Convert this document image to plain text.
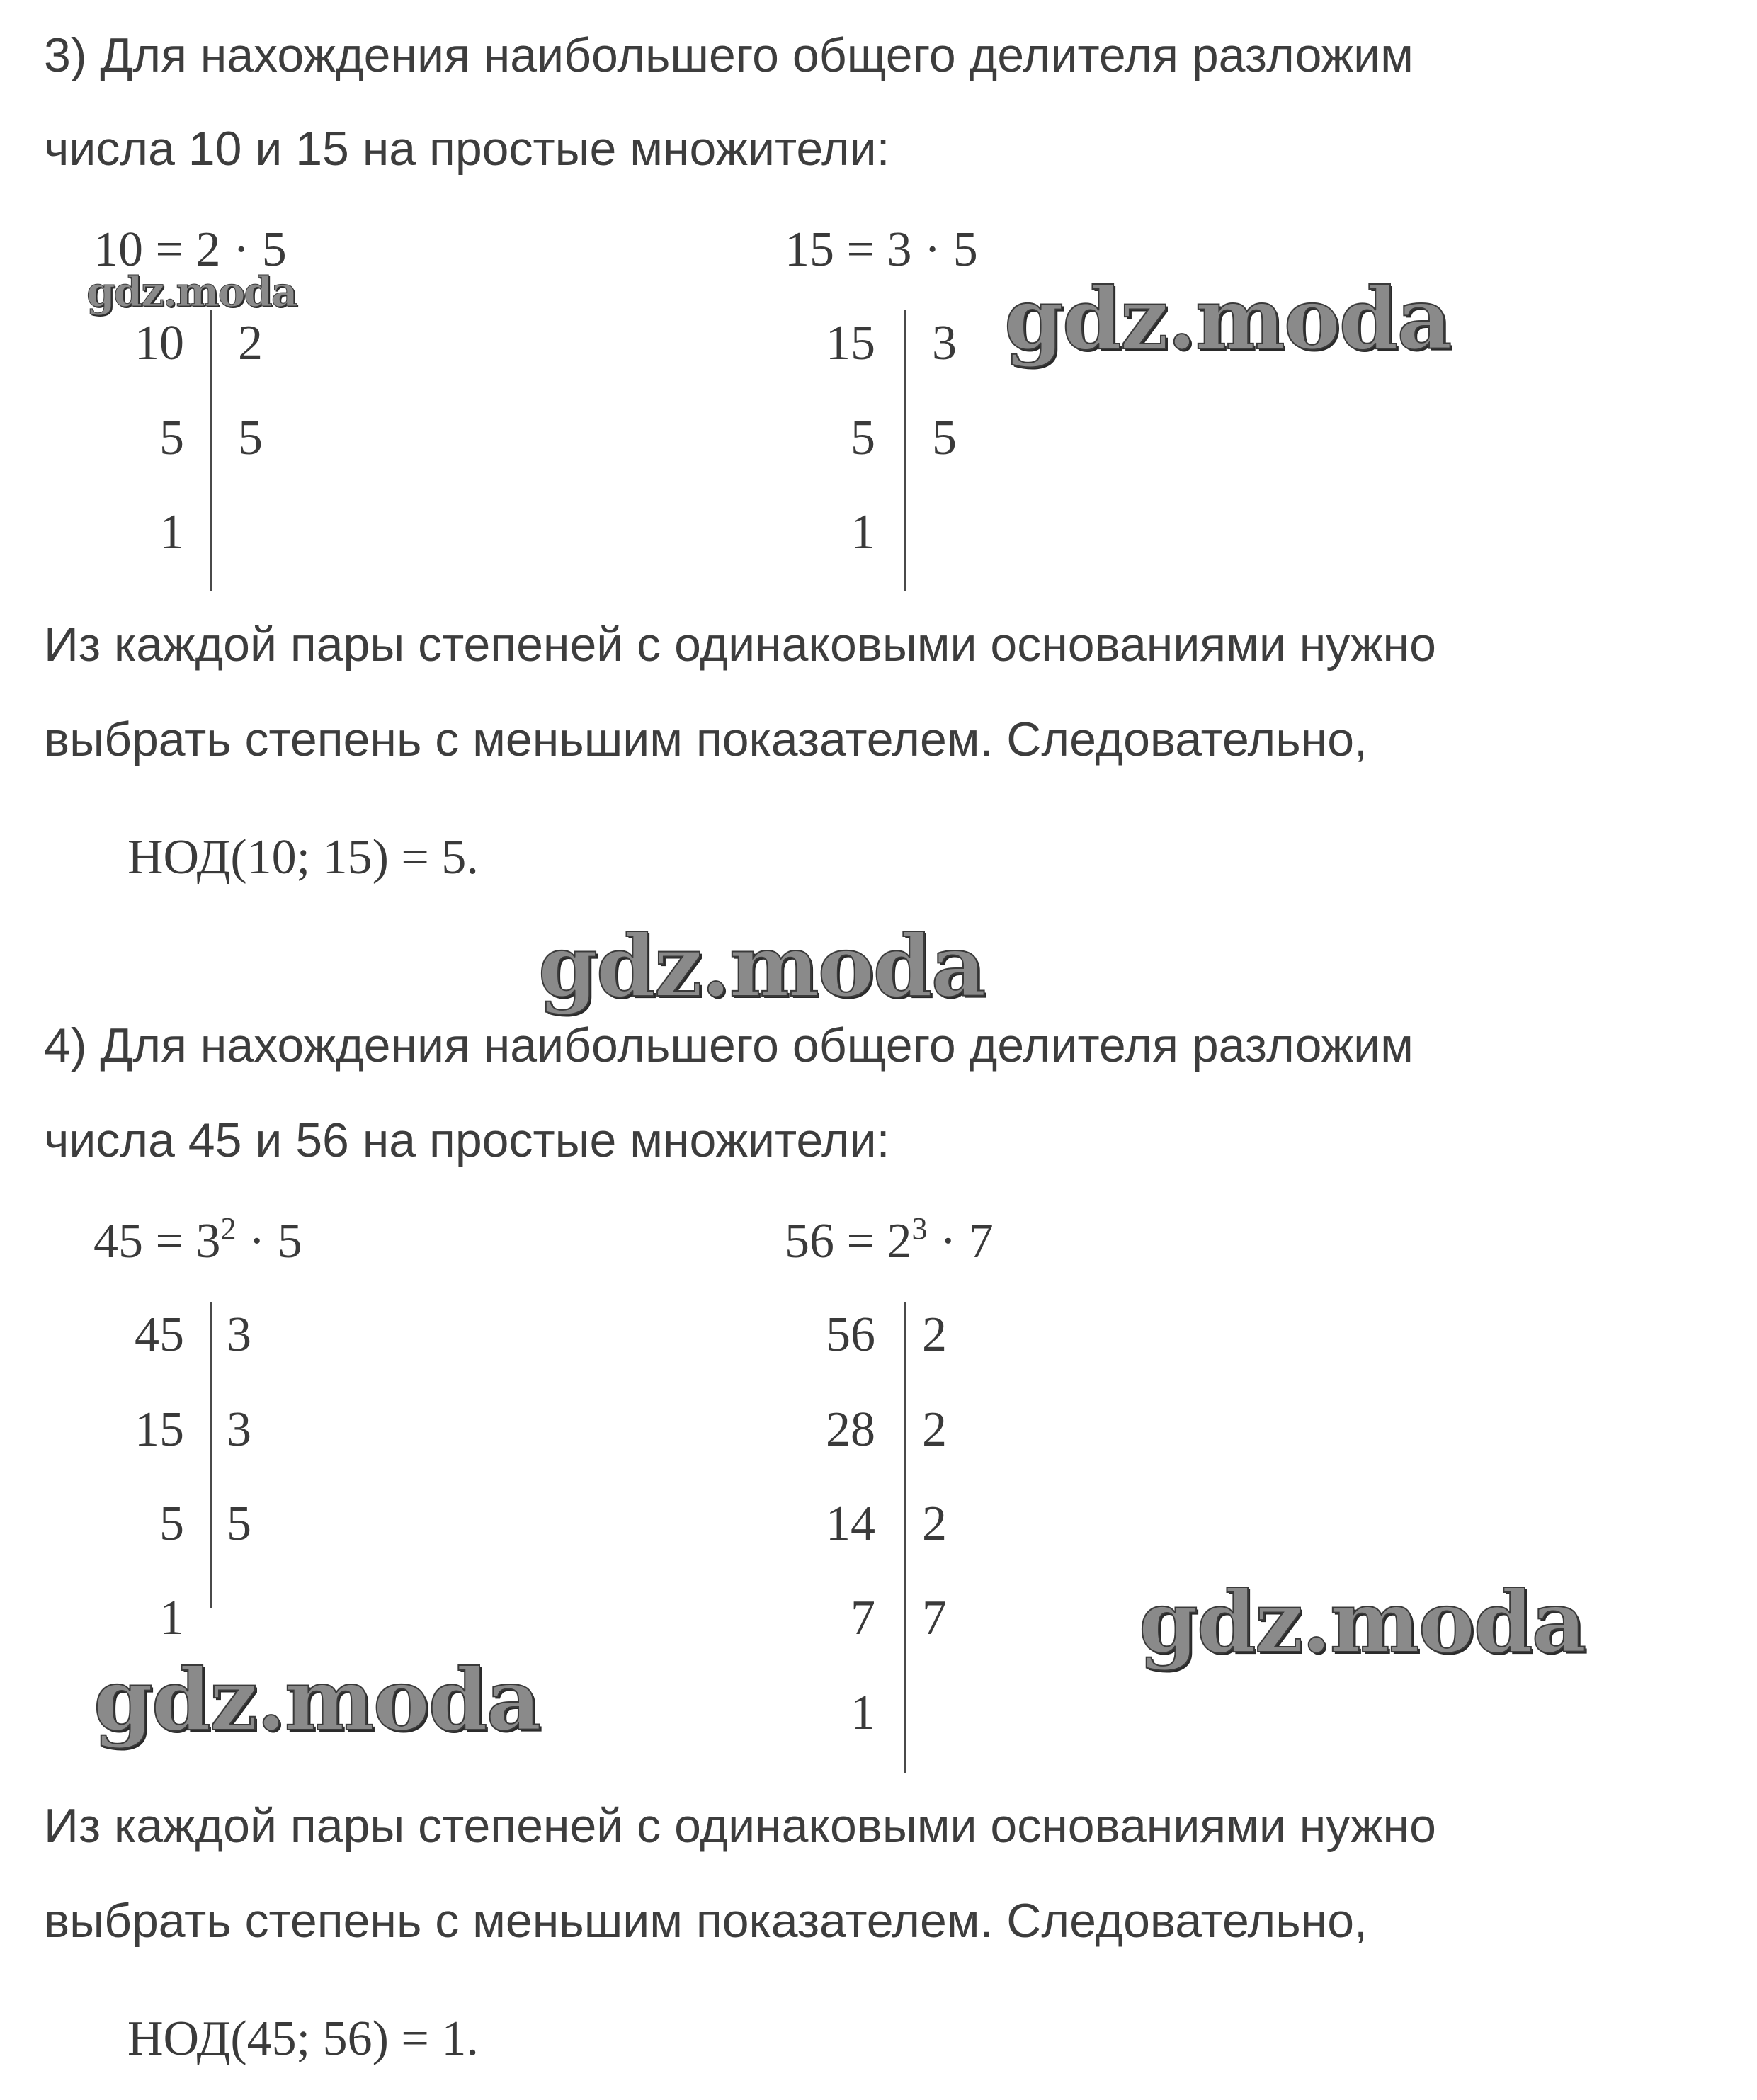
3) Для нахождения наибольшего общего делителя разложим
числа 10 и 15 на простые множители:
10 = 2 · 5	15 = 3 · 5
10 2
5 5
1
15 3
5 5
1
Из каждой пары степеней с одинаковыми основаниями нужно
выбрать степень с меньшим показателем. Следовательно,
НОД(10; 15) = 5.
4) Для нахождения наибольшего общего делителя разложим
числа 45 и 56 на простые множители:
$45 = 3^2 \cdot 5$	$56 = 2^3 \cdot 7$
45 3
15 3
5 5
1
56 2
28 2
14 2
7 7
1
Из каждой пары степеней с одинаковыми основаниями нужно
выбрать степень с меньшим показателем. Следовательно,
НОД(45; 56) = 1.
gdz.moda	gdz.moda
gdz.moda
gdz.moda
gdz.moda
